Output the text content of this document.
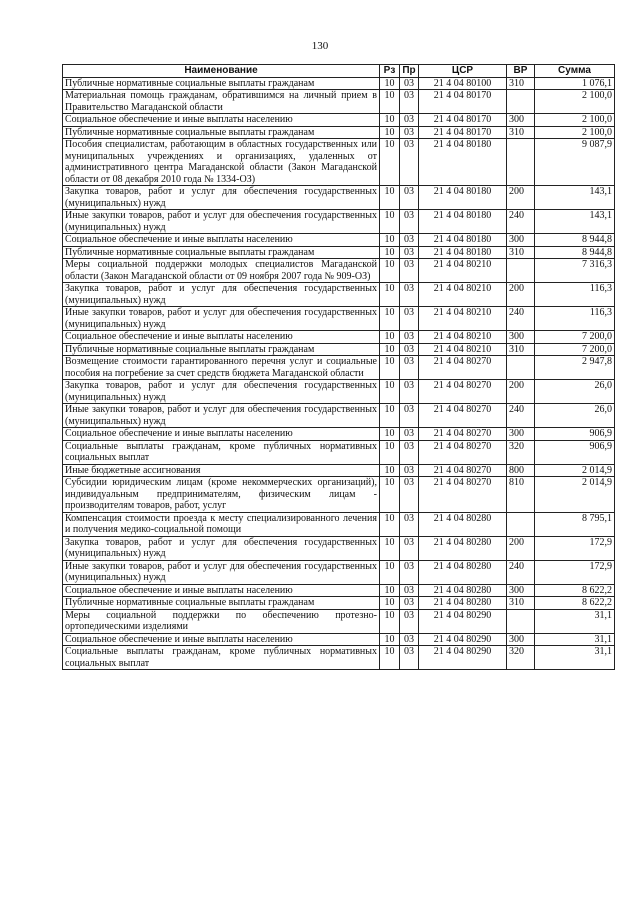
130
Наименование	Рз	Пр	ЦСР	ВР	Сумма
Публичные нормативные социальные выплаты гражданам	10	03	21 4 04 80100	310	1 076,1
Материальная помощь гражданам, обратившимся на личный прием в Правительство Магаданской области	10	03	21 4 04 80170		2 100,0
Социальное обеспечение и иные выплаты населению	10	03	21 4 04 80170	300	2 100,0
Публичные нормативные социальные выплаты гражданам	10	03	21 4 04 80170	310	2 100,0
Пособия специалистам, работающим в областных государственных или муниципальных учреждениях и организациях, удаленных от административного центра Магаданской области (Закон Магаданской области от 08 декабря 2010 года № 1334-ОЗ)	10	03	21 4 04 80180		9 087,9
Закупка товаров, работ и услуг для обеспечения государственных (муниципальных) нужд	10	03	21 4 04 80180	200	143,1
Иные закупки товаров, работ и услуг для обеспечения государственных (муниципальных) нужд	10	03	21 4 04 80180	240	143,1
Социальное обеспечение и иные выплаты населению	10	03	21 4 04 80180	300	8 944,8
Публичные нормативные социальные выплаты гражданам	10	03	21 4 04 80180	310	8 944,8
Меры социальной поддержки молодых специалистов Магаданской области (Закон Магаданской области от 09 ноября 2007 года № 909-ОЗ)	10	03	21 4 04 80210		7 316,3
Закупка товаров, работ и услуг для обеспечения государственных (муниципальных) нужд	10	03	21 4 04 80210	200	116,3
Иные закупки товаров, работ и услуг для обеспечения государственных (муниципальных) нужд	10	03	21 4 04 80210	240	116,3
Социальное обеспечение и иные выплаты населению	10	03	21 4 04 80210	300	7 200,0
Публичные нормативные социальные выплаты гражданам	10	03	21 4 04 80210	310	7 200,0
Возмещение стоимости гарантированного перечня услуг и социальные пособия на погребение за счет средств бюджета Магаданской области	10	03	21 4 04 80270		2 947,8
Закупка товаров, работ и услуг для обеспечения государственных (муниципальных) нужд	10	03	21 4 04 80270	200	26,0
Иные закупки товаров, работ и услуг для обеспечения государственных (муниципальных) нужд	10	03	21 4 04 80270	240	26,0
Социальное обеспечение и иные выплаты населению	10	03	21 4 04 80270	300	906,9
Социальные выплаты гражданам, кроме публичных нормативных социальных выплат	10	03	21 4 04 80270	320	906,9
Иные бюджетные ассигнования	10	03	21 4 04 80270	800	2 014,9
Субсидии юридическим лицам (кроме некоммерческих организаций), индивидуальным предпринимателям, физическим лицам - производителям товаров, работ, услуг	10	03	21 4 04 80270	810	2 014,9
Компенсация стоимости проезда к месту специализированного лечения и получения медико-социальной помощи	10	03	21 4 04 80280		8 795,1
Закупка товаров, работ и услуг для обеспечения государственных (муниципальных) нужд	10	03	21 4 04 80280	200	172,9
Иные закупки товаров, работ и услуг для обеспечения государственных (муниципальных) нужд	10	03	21 4 04 80280	240	172,9
Социальное обеспечение и иные выплаты населению	10	03	21 4 04 80280	300	8 622,2
Публичные нормативные социальные выплаты гражданам	10	03	21 4 04 80280	310	8 622,2
Меры социальной поддержки по обеспечению протезно-ортопедическими изделиями	10	03	21 4 04 80290		31,1
Социальное обеспечение и иные выплаты населению	10	03	21 4 04 80290	300	31,1
Социальные выплаты гражданам, кроме публичных нормативных социальных выплат	10	03	21 4 04 80290	320	31,1
